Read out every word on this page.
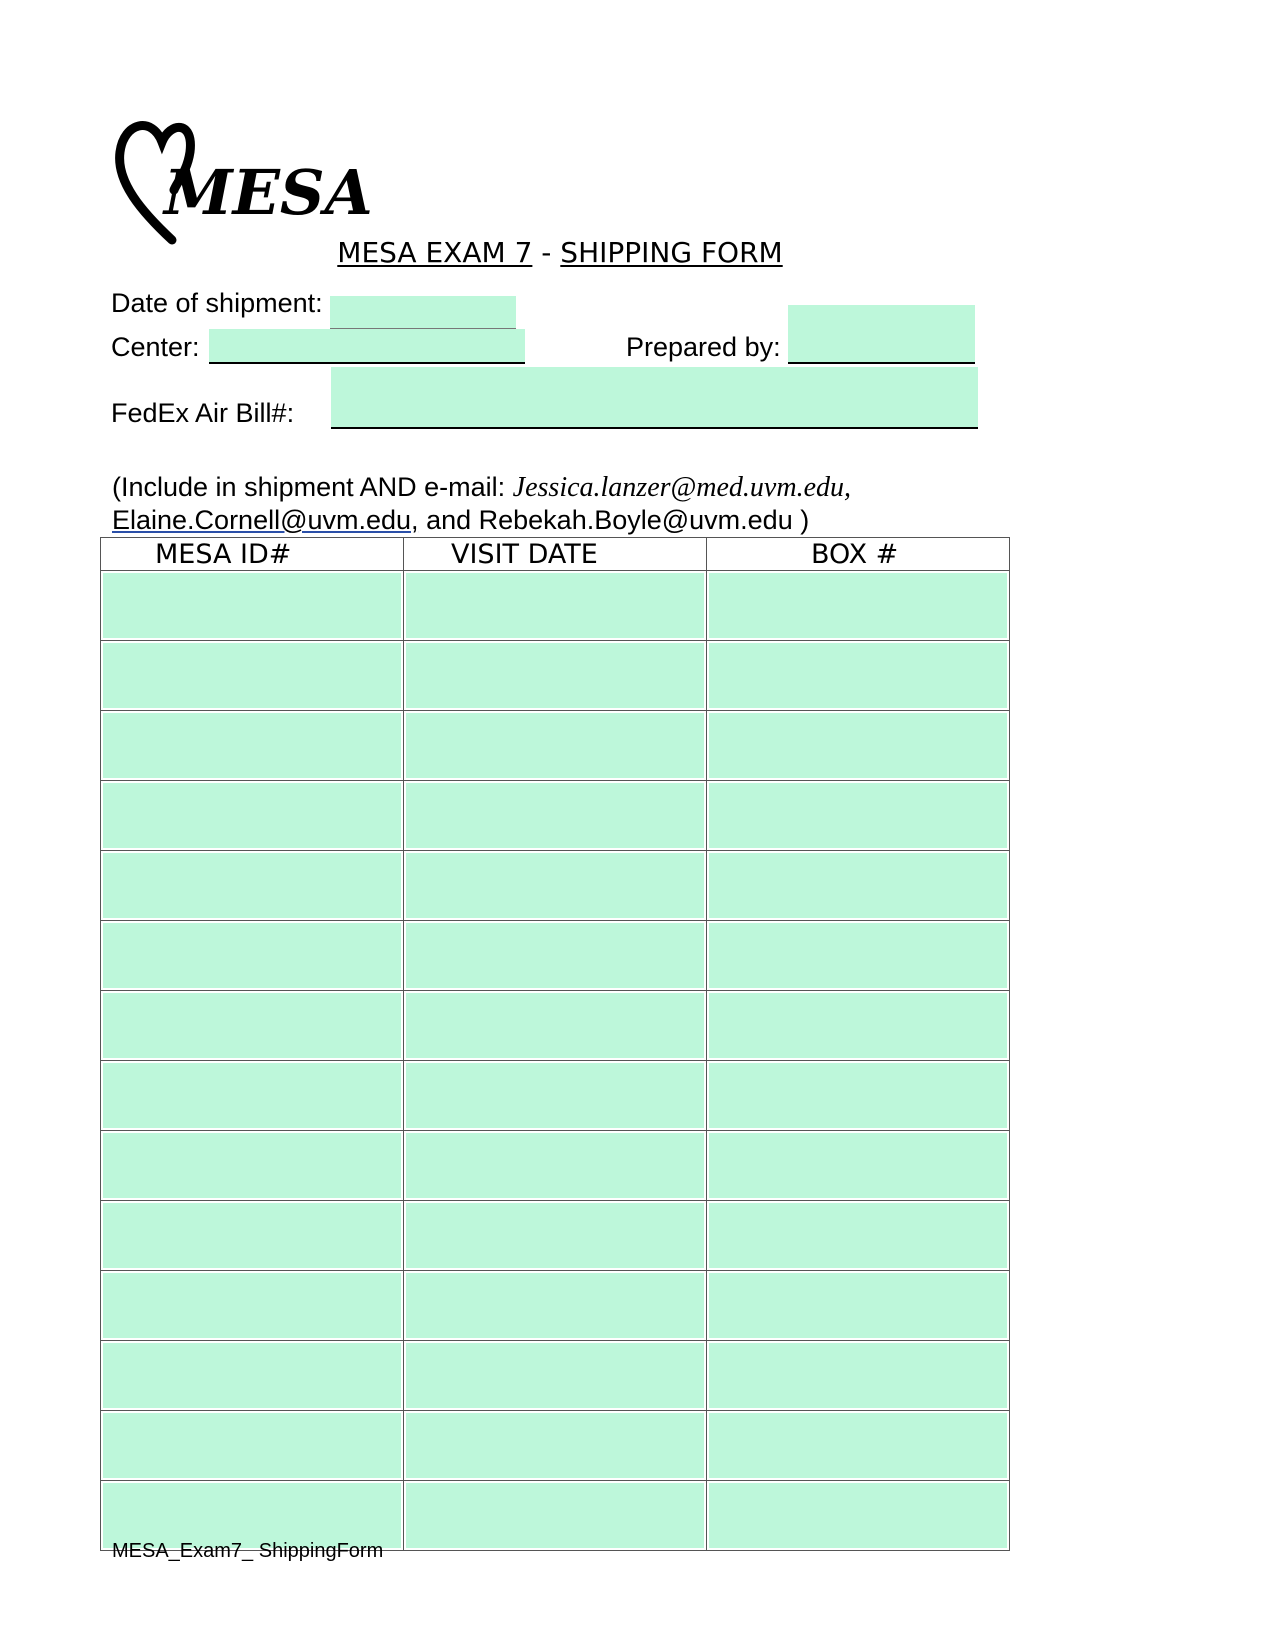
MESA
MESA EXAM 7 - SHIPPING FORM
Date of shipment:
Center:	Prepared by:
FedEx Air Bill#:
(Include in shipment AND e-mail: Jessica.lanzer@med.uvm.edu,
Elaine.Cornell@uvm.edu, and Rebekah.Boyle@uvm.edu )
MESA ID#	VISIT DATE	BOX #

MESA_Exam7_ ShippingForm
